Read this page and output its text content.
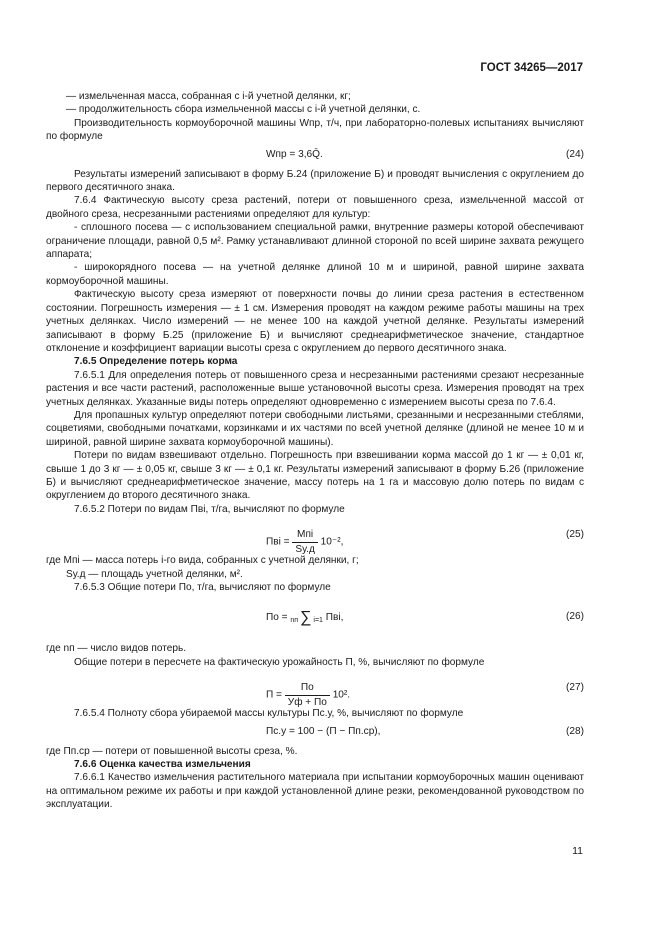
ГОСТ 34265—2017

— измельченная масса, собранная с i-й учетной делянки, кг;

— продолжительность сбора измельченной массы с i-й учетной делянки, с.

Производительность кормоуборочной машины Wпр, т/ч, при лабораторно-полевых испытаниях вычисляют по формуле

Wпр = 3,6Q̄.	(24)

Результаты измерений записывают в форму Б.24 (приложение Б) и проводят вычисления с округлением до первого десятичного знака.

7.6.4 Фактическую высоту среза растений, потери от повышенного среза, измельченной массой от двойного среза, несрезанными растениями определяют для культур:

- сплошного посева — с использованием специальной рамки, внутренние размеры которой обеспечивают ограничение площади, равной 0,5 м². Рамку устанавливают длинной стороной по всей ширине захвата режущего аппарата;

- широкорядного посева — на учетной делянке длиной 10 м и шириной, равной ширине захвата кормоуборочной машины.

Фактическую высоту среза измеряют от поверхности почвы до линии среза растения в естественном состоянии. Погрешность измерения — ± 1 см. Измерения проводят на каждом режиме работы машины на трех учетных делянках. Число измерений — не менее 100 на каждой учетной делянке. Результаты измерений записывают в форму Б.25 (приложение Б) и вычисляют среднеарифметическое значение, стандартное отклонение и коэффициент вариации высоты среза с округлением до первого десятичного знака.

7.6.5 Определение потерь корма

7.6.5.1 Для определения потерь от повышенного среза и несрезанными растениями срезают несрезанные растения и все части растений, расположенные выше установочной высоты среза. Измерения проводят на трех учетных делянках. Указанные виды потерь определяют одновременно с измерением высоты среза по 7.6.4.

Для пропашных культур определяют потери свободными листьями, срезанными и несрезанными стеблями, соцветиями, свободными початками, корзинками и их частями по всей учетной делянке (длиной не менее 10 м и шириной, равной ширине захвата кормоуборочной машины).

Потери по видам взвешивают отдельно. Погрешность при взвешивании корма массой до 1 кг — ± 0,01 кг, свыше 1 до 3 кг — ± 0,05 кг, свыше 3 кг — ± 0,1 кг. Результаты измерений записывают в форму Б.26 (приложение Б) и вычисляют среднеарифметическое значение, массу потерь на 1 га и массовую долю потерь по видам с округлением до второго десятичного знака.

7.6.5.2 Потери по видам Пвi, т/га, вычисляют по формуле

Пвi = $\frac{\text{Мпi}}{Sу.д} 10^{-2}$,
(25)

где Мпi — масса потерь i-го вида, собранных с учетной делянки, г;

Sу.д — площадь учетной делянки, м².

7.6.5.3 Общие потери По, т/га, вычисляют по формуле

По = nп ∑ i=1 Пвi,	(26)

где nп — число видов потерь.

Общие потери в пересчете на фактическую урожайность П, %, вычисляют по формуле

$П = \frac{По}{Уф + По} 10^2$.
(27)

7.6.5.4 Полноту сбора убираемой массы культуры Пс.у, %, вычисляют по формуле

Пс.у = 100 − (П − Пп.ср),	(28)

где Пп.ср — потери от повышенной высоты среза, %.

7.6.6 Оценка качества измельчения

7.6.6.1 Качество измельчения растительного материала при испытании кормоуборочных машин оценивают на оптимальном режиме их работы и при каждой установленной длине резки, рекомендованной руководством по эксплуатации.

11
